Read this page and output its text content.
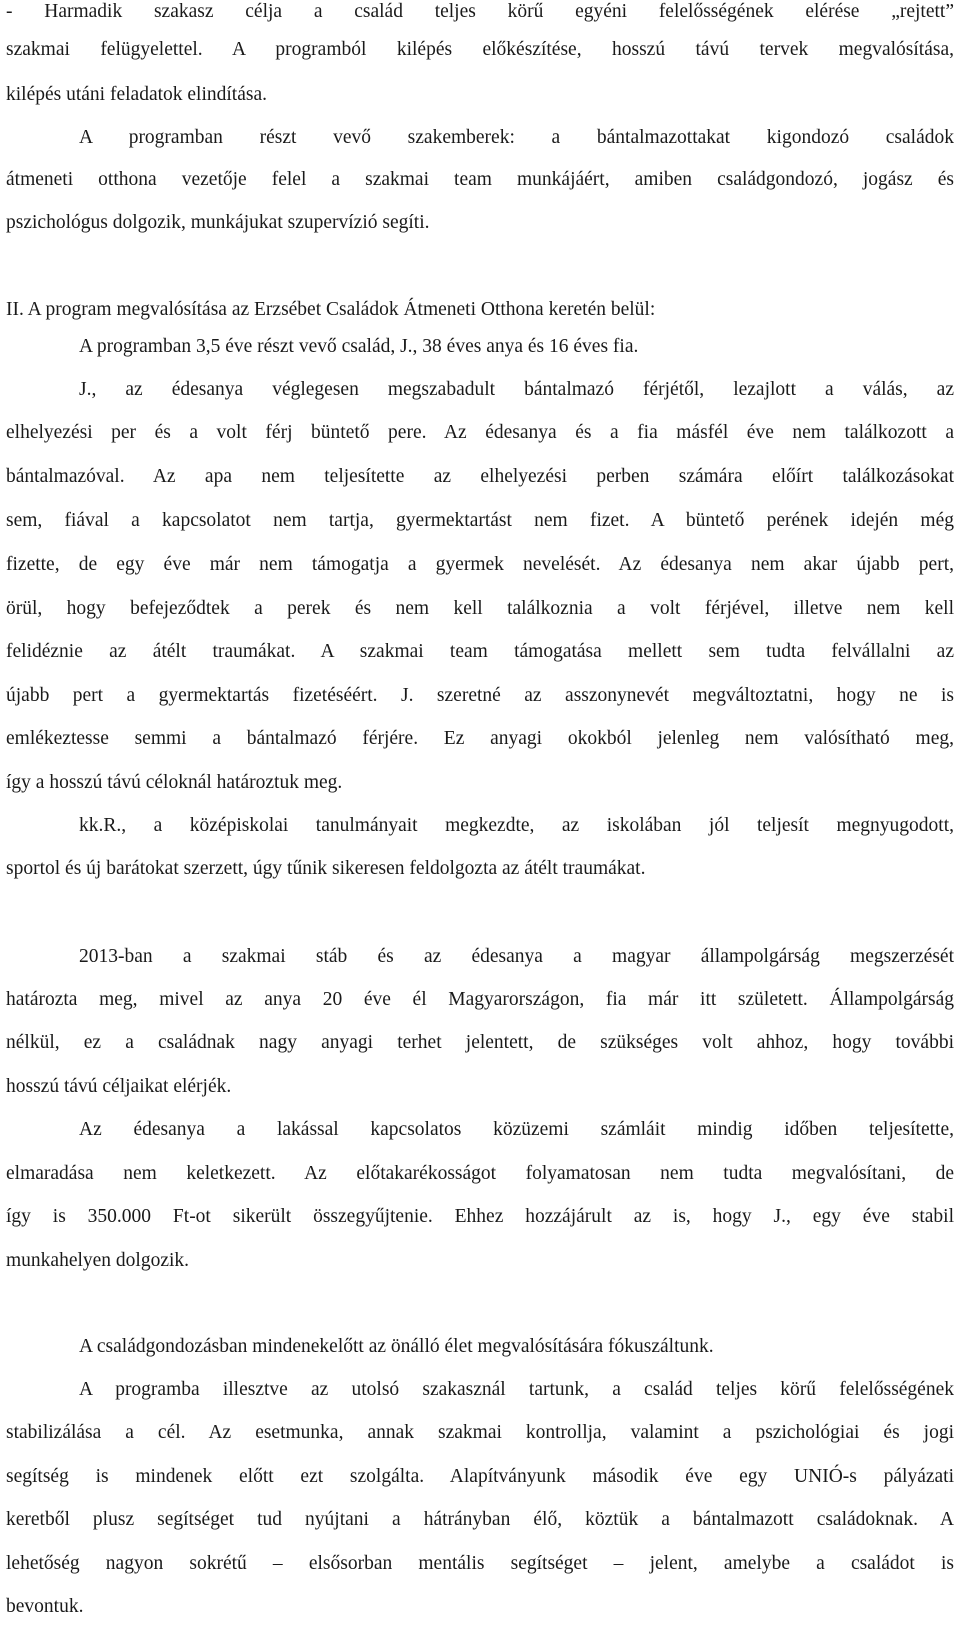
- Harmadik szakasz célja a család teljes körű egyéni felelősségének elérése „rejtett”
szakmai felügyelettel. A programból kilépés előkészítése, hosszú távú tervek megvalósítása,
kilépés utáni feladatok elindítása.
A programban részt vevő szakemberek: a bántalmazottakat kigondozó családok
átmeneti otthona vezetője felel a szakmai team munkájáért, amiben családgondozó, jogász és
pszichológus dolgozik, munkájukat szupervízió segíti.
II. A program megvalósítása az Erzsébet Családok Átmeneti Otthona keretén belül:
A programban 3,5 éve részt vevő család, J., 38 éves anya és 16 éves fia.
J., az édesanya véglegesen megszabadult bántalmazó férjétől, lezajlott a válás, az
elhelyezési per és a volt férj büntető pere. Az édesanya és a fia másfél éve nem találkozott a
bántalmazóval. Az apa nem teljesítette az elhelyezési perben számára előírt találkozásokat
sem, fiával a kapcsolatot nem tartja, gyermektartást nem fizet. A büntető perének idején még
fizette, de egy éve már nem támogatja a gyermek nevelését. Az édesanya nem akar újabb pert,
örül, hogy befejeződtek a perek és nem kell találkoznia a volt férjével, illetve nem kell
felidéznie az átélt traumákat. A szakmai team támogatása mellett sem tudta felvállalni az
újabb pert a gyermektartás fizetéséért. J. szeretné az asszonynevét megváltoztatni, hogy ne is
emlékeztesse semmi a bántalmazó férjére. Ez anyagi okokból jelenleg nem valósítható meg,
így a hosszú távú céloknál határoztuk meg.
kk.R., a középiskolai tanulmányait megkezdte, az iskolában jól teljesít megnyugodott,
sportol és új barátokat szerzett, úgy tűnik sikeresen feldolgozta az átélt traumákat.
2013-ban a szakmai stáb és az édesanya a magyar állampolgárság megszerzését
határozta meg, mivel az anya 20 éve él Magyarországon, fia már itt született. Állampolgárság
nélkül, ez a családnak nagy anyagi terhet jelentett, de szükséges volt ahhoz, hogy további
hosszú távú céljaikat elérjék.
Az édesanya a lakással kapcsolatos közüzemi számláit mindig időben teljesítette,
elmaradása nem keletkezett. Az előtakarékosságot folyamatosan nem tudta megvalósítani, de
így is 350.000 Ft-ot sikerült összegyűjtenie. Ehhez hozzájárult az is, hogy J., egy éve stabil
munkahelyen dolgozik.
A családgondozásban mindenekelőtt az önálló élet megvalósítására fókuszáltunk.
A programba illesztve az utolsó szakasznál tartunk, a család teljes körű felelősségének
stabilizálása a cél. Az esetmunka, annak szakmai kontrollja, valamint a pszichológiai és jogi
segítség is mindenek előtt ezt szolgálta. Alapítványunk második éve egy UNIÓ-s pályázati
keretből plusz segítséget tud nyújtani a hátrányban élő, köztük a bántalmazott családoknak. A
lehetőség nagyon sokrétű – elsősorban mentális segítséget – jelent, amelybe a családot is
bevontuk.
